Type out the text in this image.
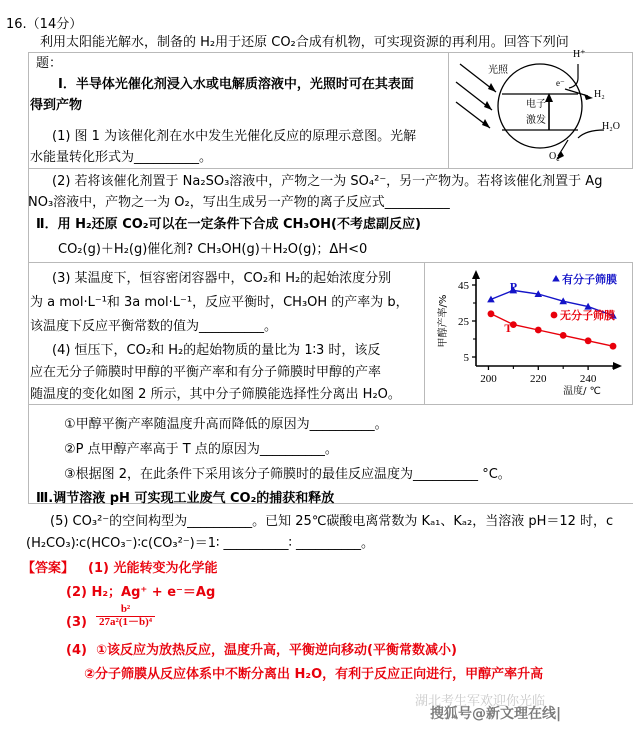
16.（14分）
利用太阳能光解水，制备的 H₂用于还原 CO₂合成有机物，可实现资源的再利用。回答下列问
题：
Ⅰ．半导体光催化剂浸入水或电解质溶液中，光照时可在其表面
得到产物
(1) 图 1 为该催化剂在水中发生光催化反应的原理示意图。光解
水能量转化形式为__________。
(2) 若将该催化剂置于 Na₂SO₃溶液中，产物之一为 SO₄²⁻，另一产物为。若将该催化剂置于 Ag
NO₃溶液中，产物之一为 O₂，写出生成另一产物的离子反应式__________
Ⅱ．用 H₂还原 CO₂可以在一定条件下合成 CH₃OH(不考虑副反应)
CO₂(g)＋H₂(g)催化剂? CH₃OH(g)＋H₂O(g)；ΔH<0
(3) 某温度下，恒容密闭容器中，CO₂和 H₂的起始浓度分别
为 a mol·L⁻¹和 3a mol·L⁻¹，反应平衡时，CH₃OH 的产率为 b，
该温度下反应平衡常数的值为__________。
(4) 恒压下，CO₂和 H₂的起始物质的量比为 1∶3 时，该反
应在无分子筛膜时甲醇的平衡产率和有分子筛膜时甲醇的产率
随温度的变化如图 2 所示，其中分子筛膜能选择性分离出 H₂O。
①甲醇平衡产率随温度升高而降低的原因为__________。
②P 点甲醇产率高于 T 点的原因为__________。
③根据图 2，在此条件下采用该分子筛膜时的最佳反应温度为__________ °C。
Ⅲ.调节溶液 pH 可实现工业废气 CO₂的捕获和释放
(5) CO₃²⁻的空间构型为__________。已知 25℃碳酸电离常数为 Kₐ₁、Kₐ₂，当溶液 pH＝12 时，c
(H₂CO₃)∶c(HCO₃⁻)∶c(CO₃²⁻)＝1∶ __________∶ __________。
【答案】 (1) 光能转变为化学能
(2) H₂；Ag⁺ + e⁻＝Ag
$(3) \frac{\text{b²}}{\text{27a²(1－b)⁴}}$
(4) ①该反应为放热反应，温度升高，平衡逆向移动(平衡常数减小)
②分子筛膜从反应体系中不断分离出 H₂O，有利于反应正向进行，甲醇产率升高
光照
电子
激发
H⁺
e⁻
H₂
H₂O
O₂
5
25
45
200	220	240
甲醇产率/%
温度/ ℃
有分子筛膜
无分子筛膜
P
T
湖北考生军欢迎你光临
搜狐号@新文理在线|
